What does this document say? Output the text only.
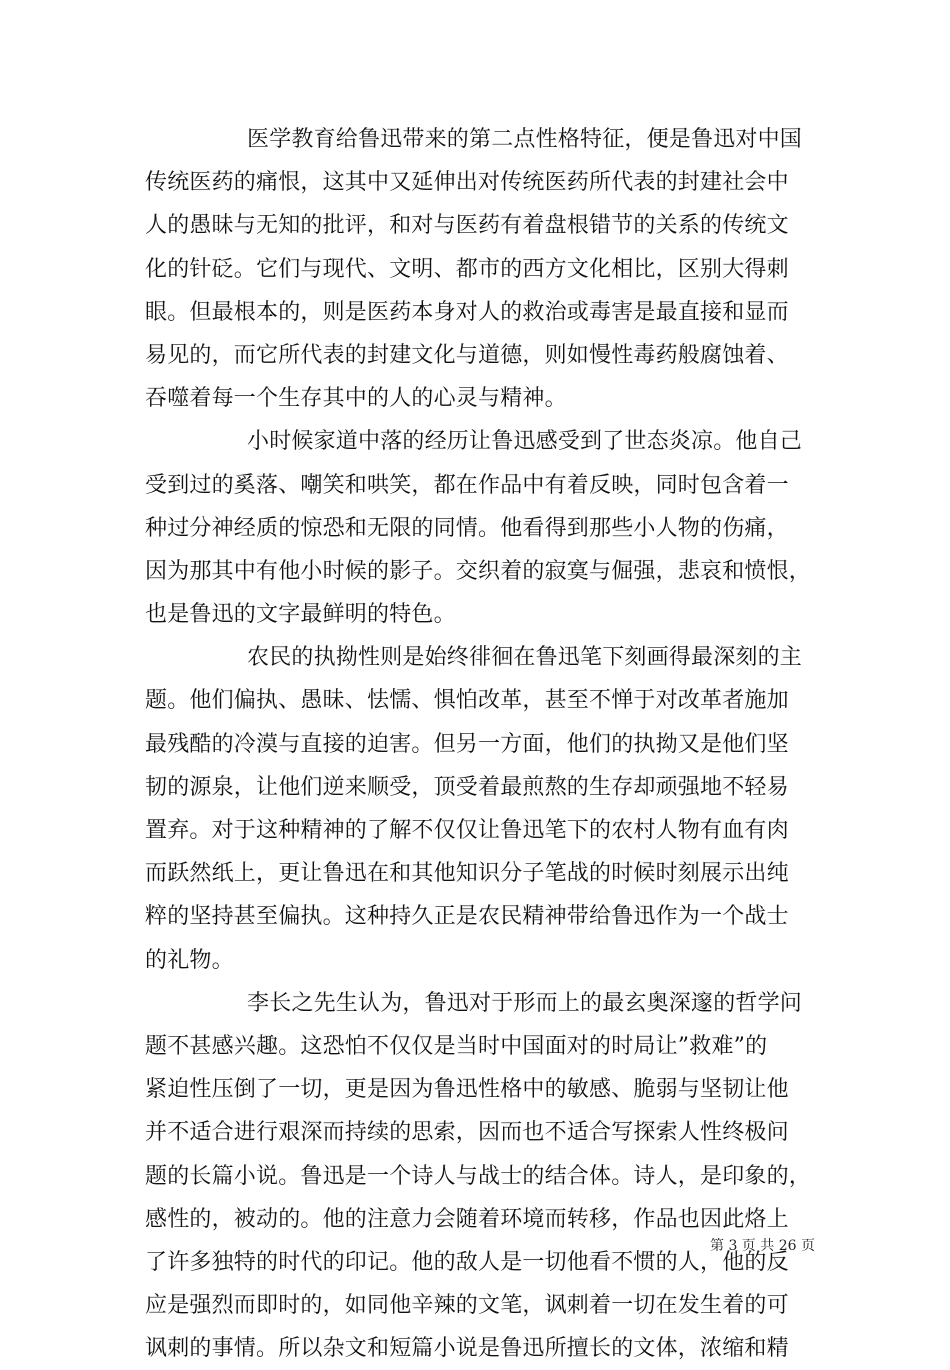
医学教育给鲁迅带来的第二点性格特征，便是鲁迅对中国
传统医药的痛恨，这其中又延伸出对传统医药所代表的封建社会中
人的愚昧与无知的批评，和对与医药有着盘根错节的关系的传统文
化的针砭。它们与现代、文明、都市的西方文化相比，区别大得刺
眼。但最根本的，则是医药本身对人的救治或毒害是最直接和显而
易见的，而它所代表的封建文化与道德，则如慢性毒药般腐蚀着、
吞噬着每一个生存其中的人的心灵与精神。
小时候家道中落的经历让鲁迅感受到了世态炎凉。他自己
受到过的奚落、嘲笑和哄笑，都在作品中有着反映，同时包含着一
种过分神经质的惊恐和无限的同情。他看得到那些小人物的伤痛，
因为那其中有他小时候的影子。交织着的寂寞与倔强，悲哀和愤恨，
也是鲁迅的文字最鲜明的特色。
农民的执拗性则是始终徘徊在鲁迅笔下刻画得最深刻的主
题。他们偏执、愚昧、怯懦、惧怕改革，甚至不惮于对改革者施加
最残酷的冷漠与直接的迫害。但另一方面，他们的执拗又是他们坚
韧的源泉，让他们逆来顺受，顶受着最煎熬的生存却顽强地不轻易
置弃。对于这种精神的了解不仅仅让鲁迅笔下的农村人物有血有肉
而跃然纸上，更让鲁迅在和其他知识分子笔战的时候时刻展示出纯
粹的坚持甚至偏执。这种持久正是农民精神带给鲁迅作为一个战士
的礼物。
李长之先生认为，鲁迅对于形而上的最玄奥深邃的哲学问
题不甚感兴趣。这恐怕不仅仅是当时中国面对的时局让”救难”的
紧迫性压倒了一切，更是因为鲁迅性格中的敏感、脆弱与坚韧让他
并不适合进行艰深而持续的思索，因而也不适合写探索人性终极问
题的长篇小说。鲁迅是一个诗人与战士的结合体。诗人，是印象的，
感性的，被动的。他的注意力会随着环境而转移，作品也因此烙上
了许多独特的时代的印记。他的敌人是一切他看不惯的人，他的反
应是强烈而即时的，如同他辛辣的文笔，讽刺着一切在发生着的可
讽刺的事情。所以杂文和短篇小说是鲁迅所擅长的文体，浓缩和精
第 3 页 共 26 页
